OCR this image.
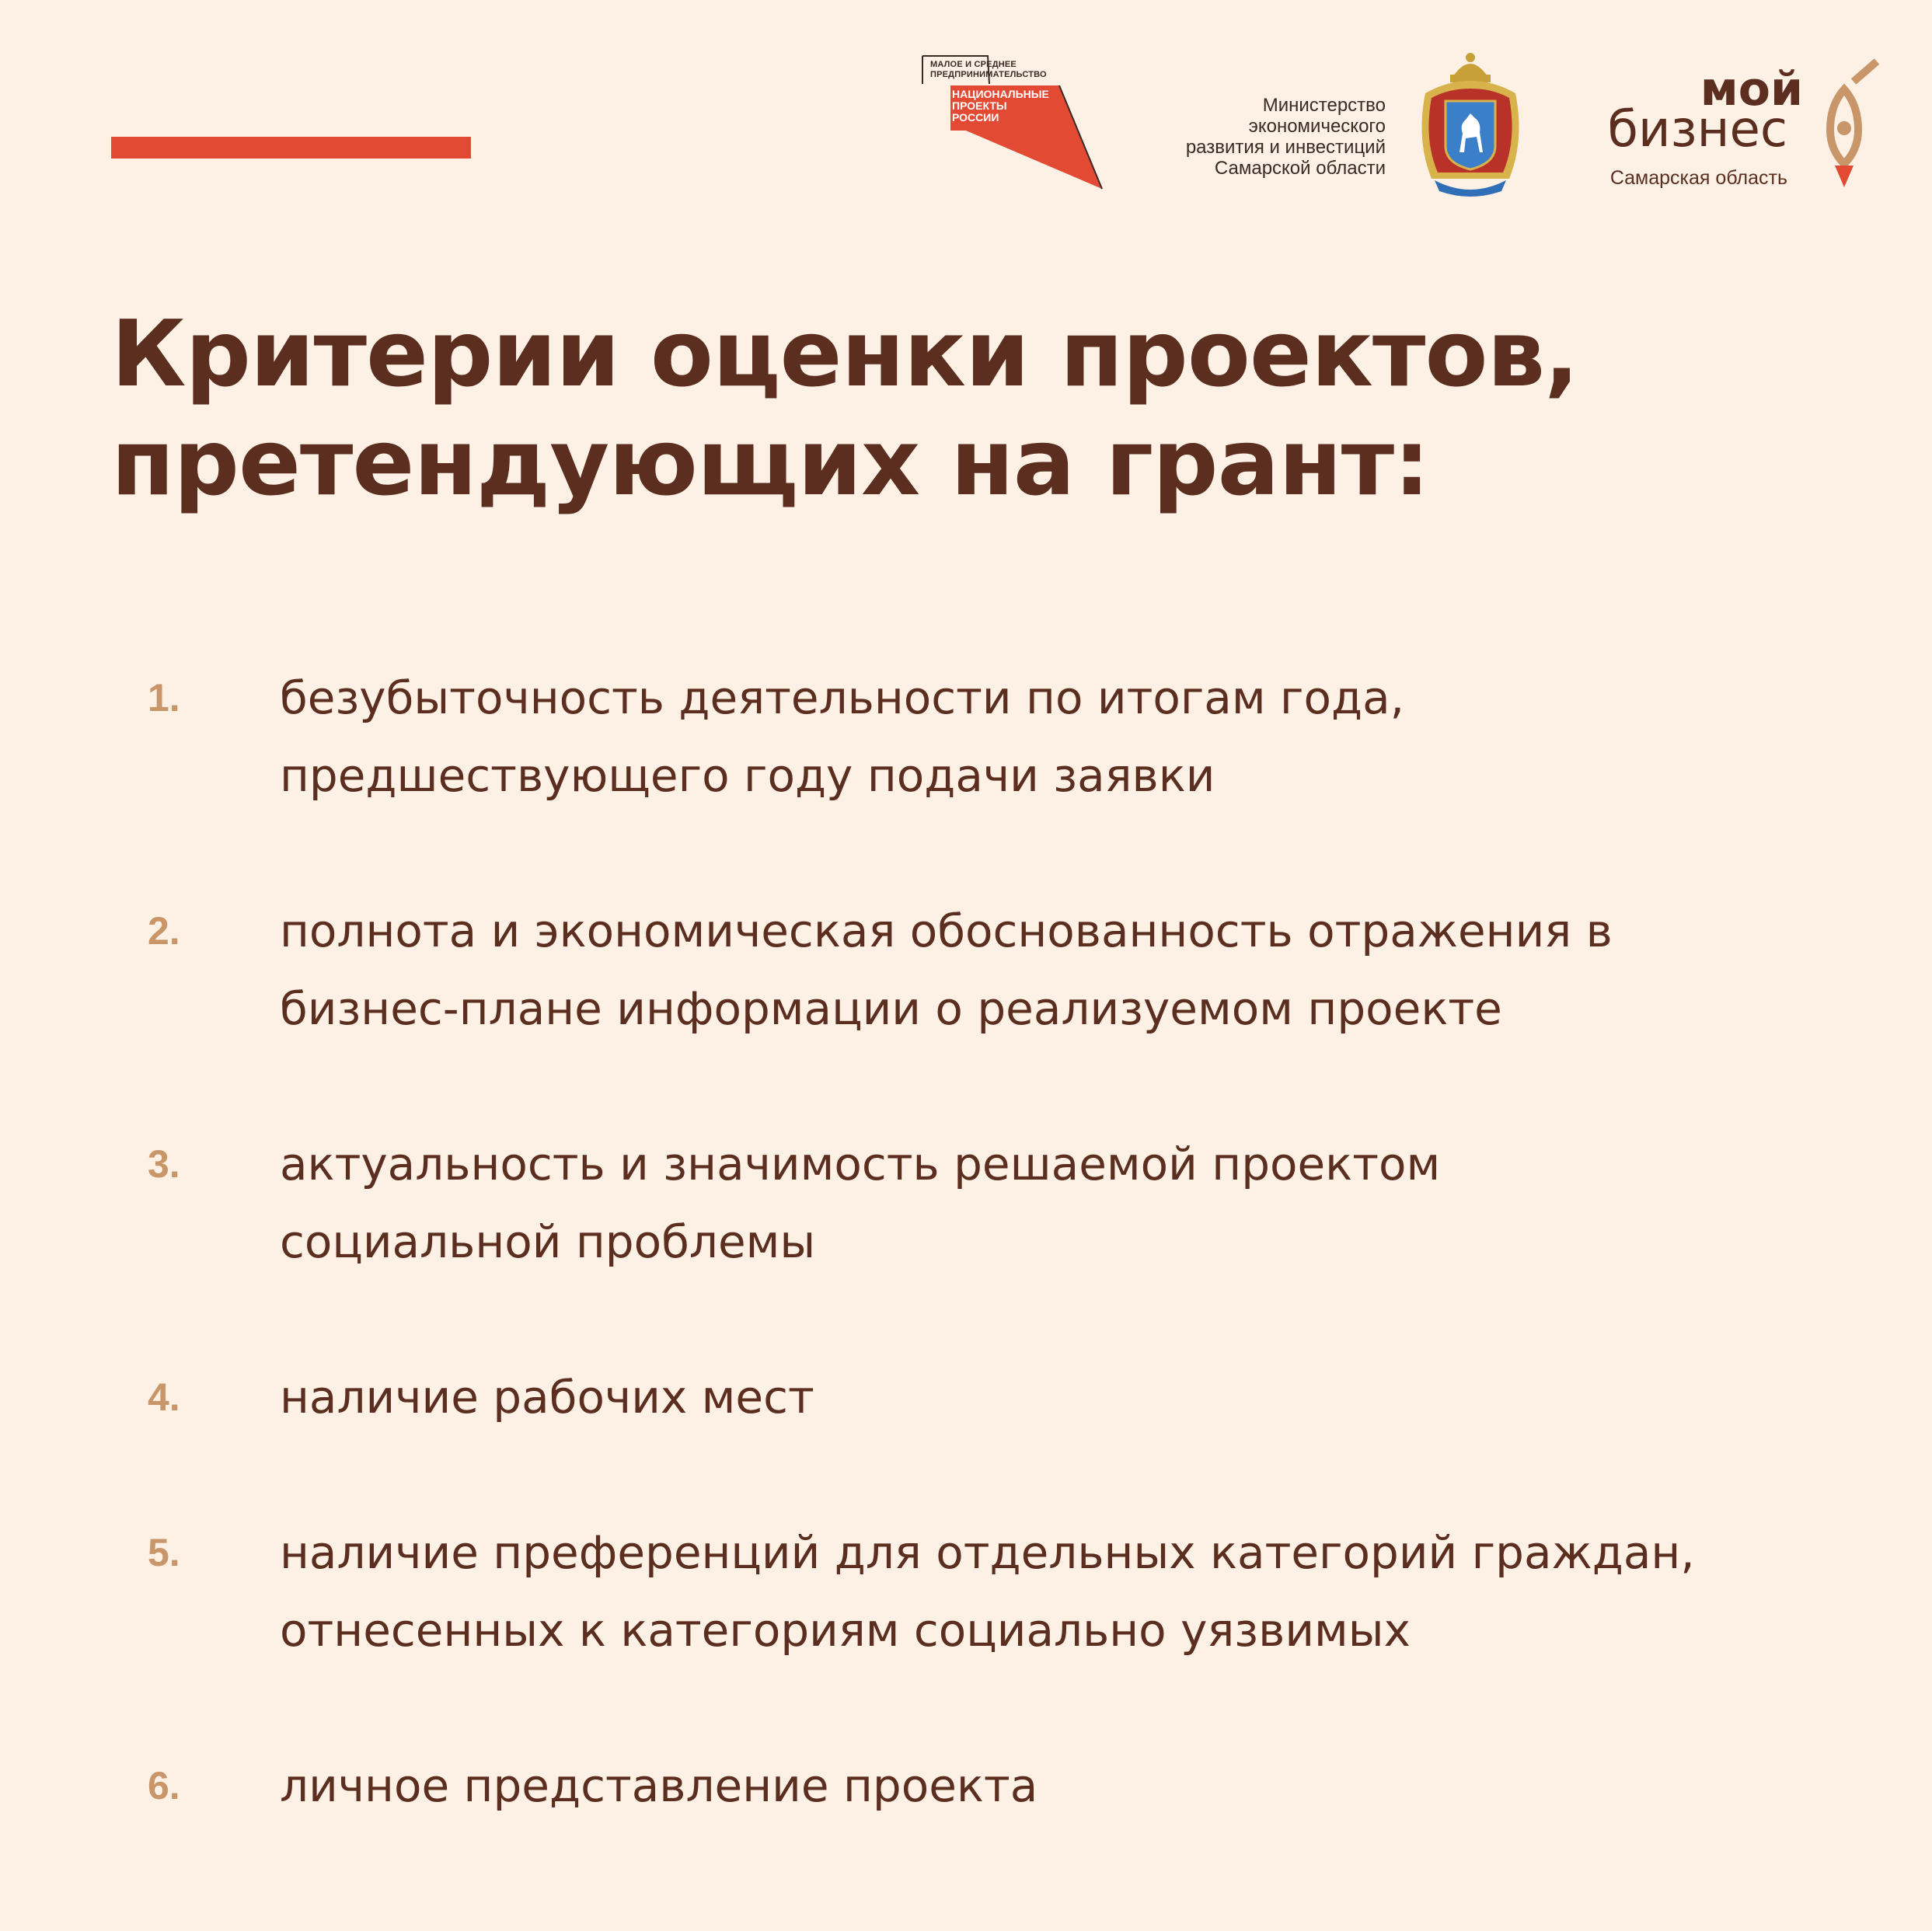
МАЛОЕ И СРЕДНЕЕ
ПРЕДПРИНИМАТЕЛЬСТВО
НАЦИОНАЛЬНЫЕ
ПРОЕКТЫ
РОССИИ
Министерство
экономического
развития и инвестиций
Самарской области
мой
бизнес
Самарская область
Критерии оценки проектов,
претендующих на грант:
1. безубыточность деятельности по итогам года,
предшествующего году подачи заявки
2. полнота и экономическая обоснованность отражения в
бизнес-плане информации о реализуемом проекте
3. актуальность и значимость решаемой проектом
социальной проблемы
4. наличие рабочих мест
5. наличие преференций для отдельных категорий граждан,
отнесенных к категориям социально уязвимых
6. личное представление проекта
